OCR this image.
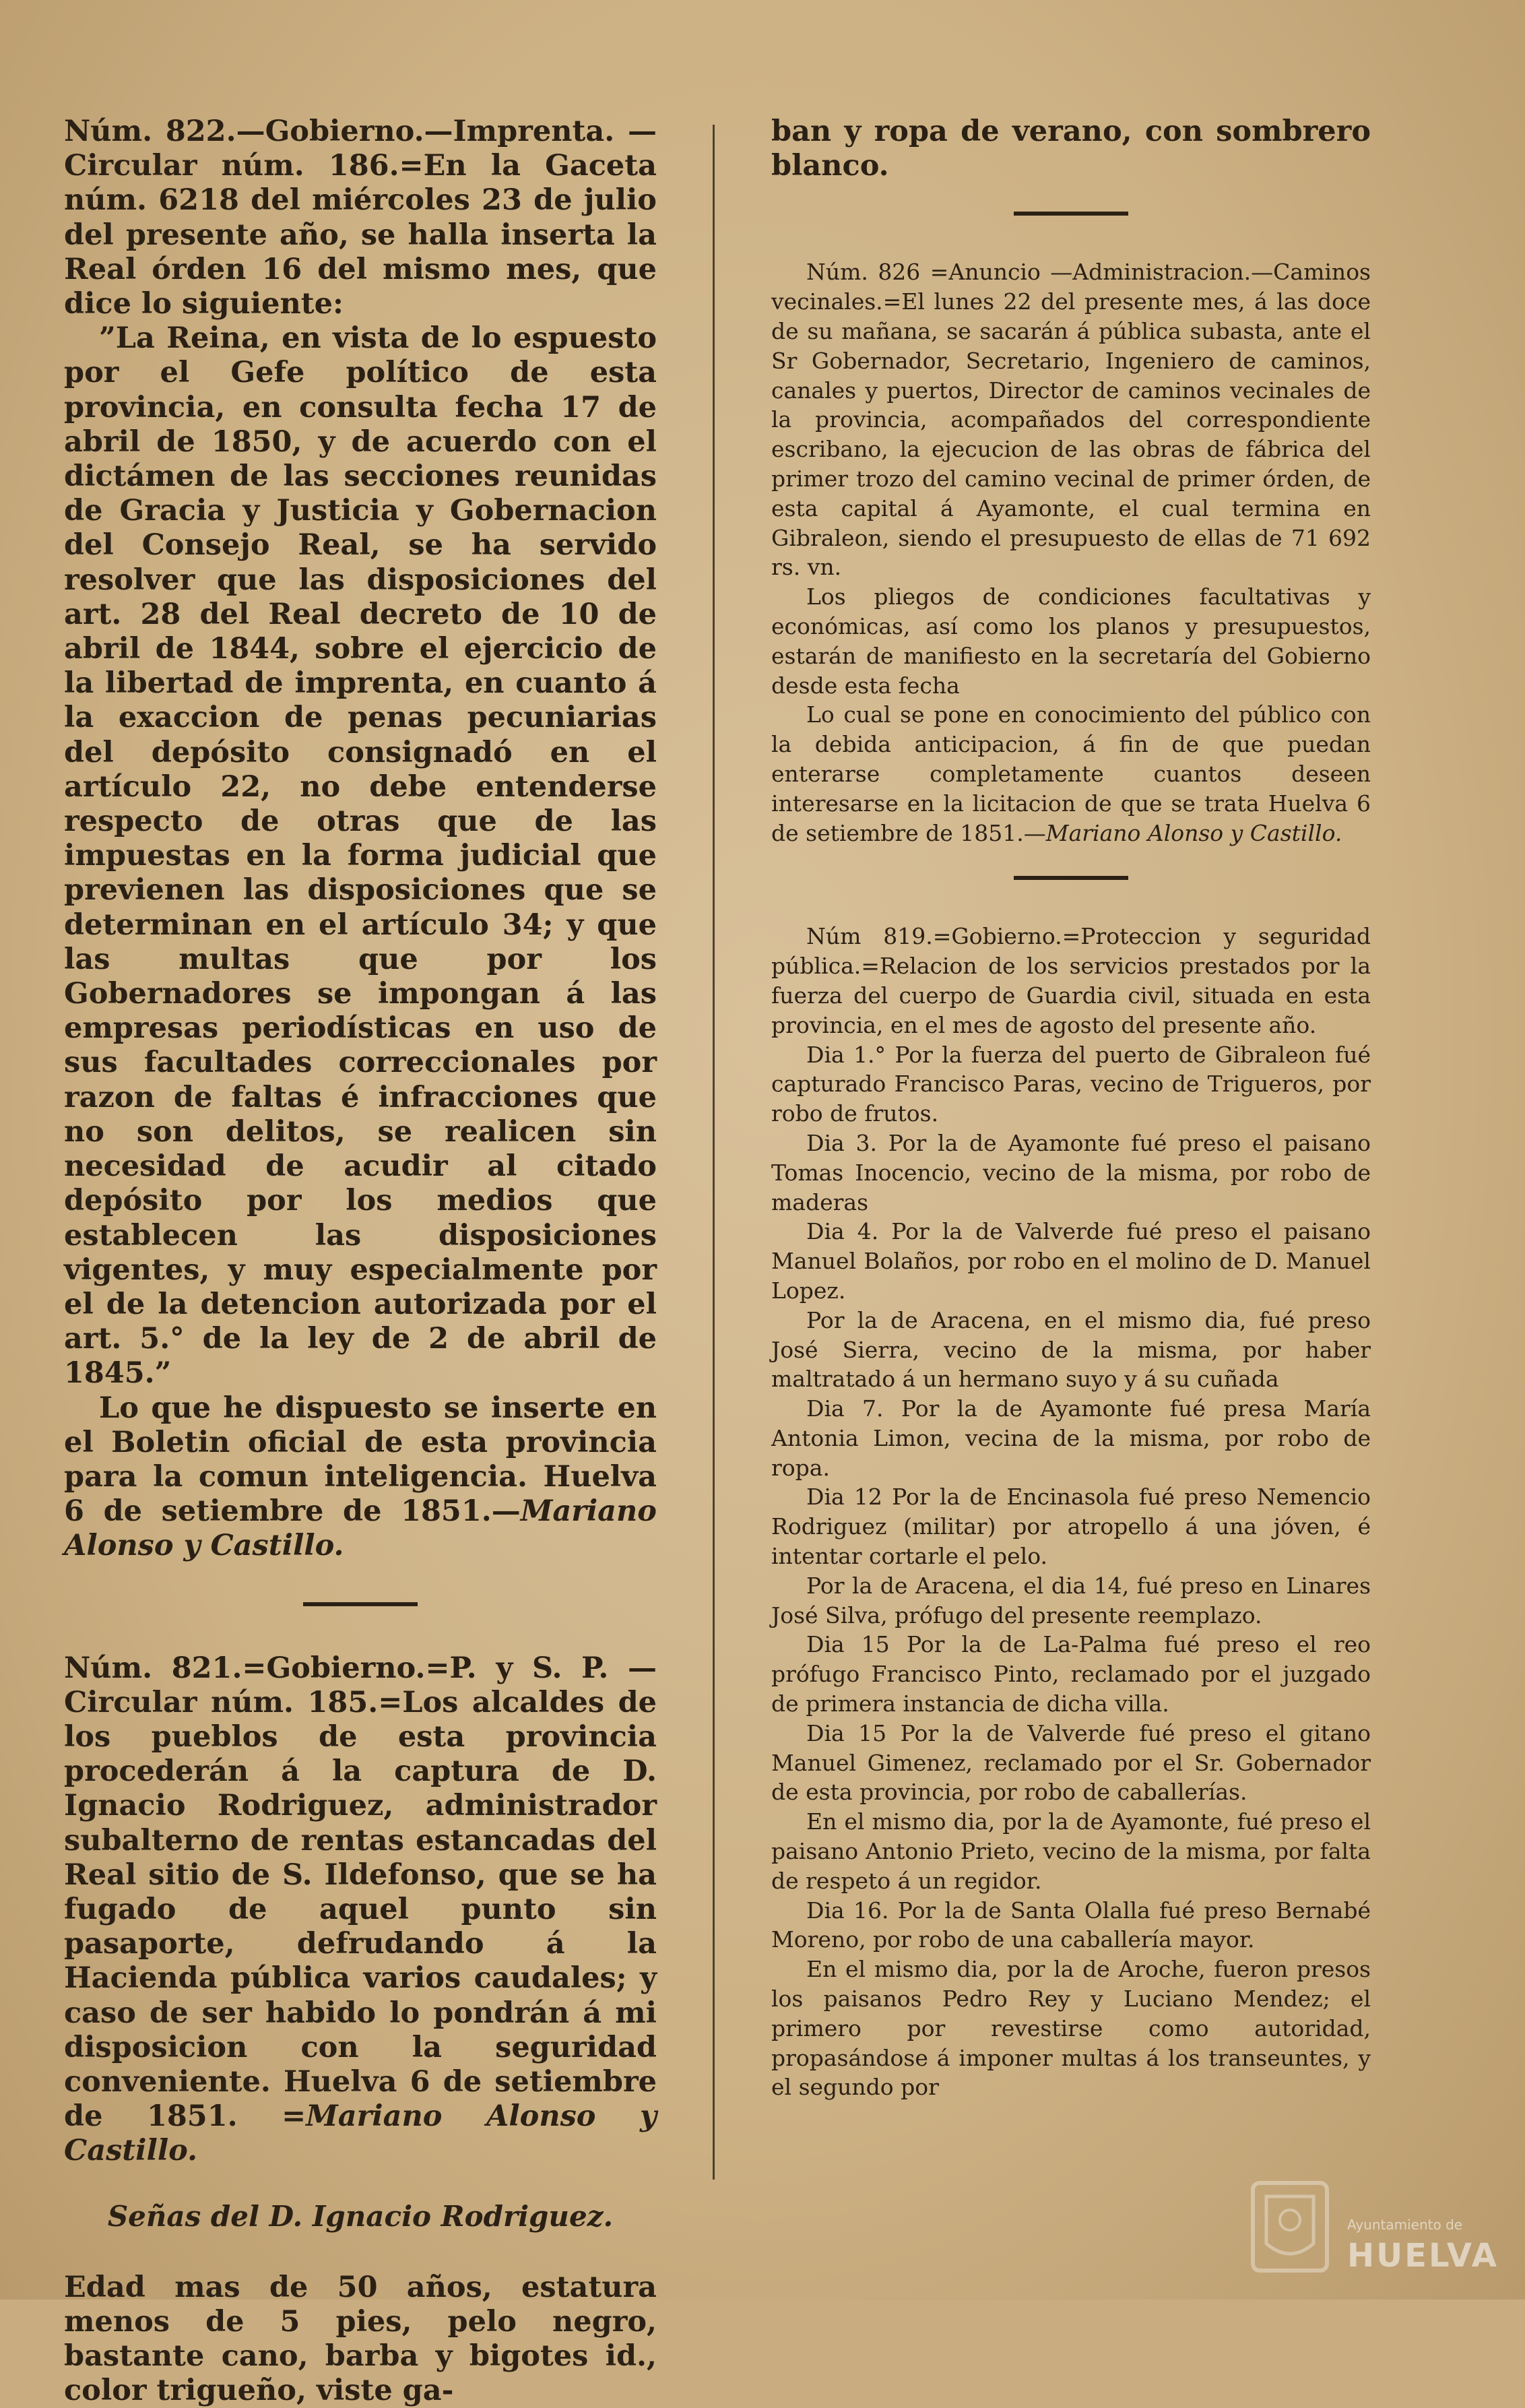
Núm. 822.—Gobierno.—Imprenta. —Circular núm. 186.=En la Gaceta núm. 6218 del miércoles 23 de julio del presente año, se halla inserta la Real órden 16 del mismo mes, que dice lo siguiente:

”La Reina, en vista de lo espuesto por el Gefe político de esta provincia, en consulta fecha 17 de abril de 1850, y de acuerdo con el dictámen de las secciones reunidas de Gracia y Justicia y Gobernacion del Consejo Real, se ha servido resolver que las disposiciones del art. 28 del Real decreto de 10 de abril de 1844, sobre el ejercicio de la libertad de imprenta, en cuanto á la exaccion de penas pecuniarias del depósito consignadó en el artículo 22, no debe entenderse respecto de otras que de las impuestas en la forma judicial que previenen las disposiciones que se determinan en el artículo 34; y que las multas que por los Gobernadores se impongan á las empresas periodísticas en uso de sus facultades correccionales por razon de faltas é infracciones que no son delitos, se realicen sin necesidad de acudir al citado depósito por los medios que establecen las disposiciones vigentes, y muy especialmente por el de la detencion autorizada por el art. 5.° de la ley de 2 de abril de 1845.”

Lo que he dispuesto se inserte en el Boletin oficial de esta provincia para la comun inteligencia. Huelva 6 de setiembre de 1851.—Mariano Alonso y Castillo.

Núm. 821.=Gobierno.=P. y S. P. —Circular núm. 185.=Los alcaldes de los pueblos de esta provincia procederán á la captura de D. Ignacio Rodriguez, administrador subalterno de rentas estancadas del Real sitio de S. Ildefonso, que se ha fugado de aquel punto sin pasaporte, defrudando á la Hacienda pública varios caudales; y caso de ser habido lo pondrán á mi disposicion con la seguridad conveniente. Huelva 6 de setiembre de 1851. =Mariano Alonso y Castillo.

Señas del D. Ignacio Rodriguez.

Edad mas de 50 años, estatura menos de 5 pies, pelo negro, bastante cano, barba y bigotes id., color trigueño, viste ga-

ban y ropa de verano, con sombrero blanco.

Núm. 826 =Anuncio —Administracion.—Caminos vecinales.=El lunes 22 del presente mes, á las doce de su mañana, se sacarán á pública subasta, ante el Sr Gobernador, Secretario, Ingeniero de caminos, canales y puertos, Director de caminos vecinales de la provincia, acompañados del correspondiente escribano, la ejecucion de las obras de fábrica del primer trozo del camino vecinal de primer órden, de esta capital á Ayamonte, el cual termina en Gibraleon, siendo el presupuesto de ellas de 71 692 rs. vn.

Los pliegos de condiciones facultativas y económicas, así como los planos y presupuestos, estarán de manifiesto en la secretaría del Gobierno desde esta fecha

Lo cual se pone en conocimiento del público con la debida anticipacion, á fin de que puedan enterarse completamente cuantos deseen interesarse en la licitacion de que se trata Huelva 6 de setiembre de 1851.—Mariano Alonso y Castillo.

Núm 819.=Gobierno.=Proteccion y seguridad pública.=Relacion de los servicios prestados por la fuerza del cuerpo de Guardia civil, situada en esta provincia, en el mes de agosto del presente año.

Dia 1.° Por la fuerza del puerto de Gibraleon fué capturado Francisco Paras, vecino de Trigueros, por robo de frutos.

Dia 3. Por la de Ayamonte fué preso el paisano Tomas Inocencio, vecino de la misma, por robo de maderas

Dia 4. Por la de Valverde fué preso el paisano Manuel Bolaños, por robo en el molino de D. Manuel Lopez.

Por la de Aracena, en el mismo dia, fué preso José Sierra, vecino de la misma, por haber maltratado á un hermano suyo y á su cuñada

Dia 7. Por la de Ayamonte fué presa María Antonia Limon, vecina de la misma, por robo de ropa.

Dia 12 Por la de Encinasola fué preso Nemencio Rodriguez (militar) por atropello á una jóven, é intentar cortarle el pelo.

Por la de Aracena, el dia 14, fué preso en Linares José Silva, prófugo del presente reemplazo.

Dia 15 Por la de La-Palma fué preso el reo prófugo Francisco Pinto, reclamado por el juzgado de primera instancia de dicha villa.

Dia 15 Por la de Valverde fué preso el gitano Manuel Gimenez, reclamado por el Sr. Gobernador de esta provincia, por robo de caballerías.

En el mismo dia, por la de Ayamonte, fué preso el paisano Antonio Prieto, vecino de la misma, por falta de respeto á un regidor.

Dia 16. Por la de Santa Olalla fué preso Bernabé Moreno, por robo de una caballería mayor.

En el mismo dia, por la de Aroche, fueron presos los paisanos Pedro Rey y Luciano Mendez; el primero por revestirse como autoridad, propasándose á imponer multas á los transeuntes, y el segundo por

Ayuntamiento de
HUELVA
